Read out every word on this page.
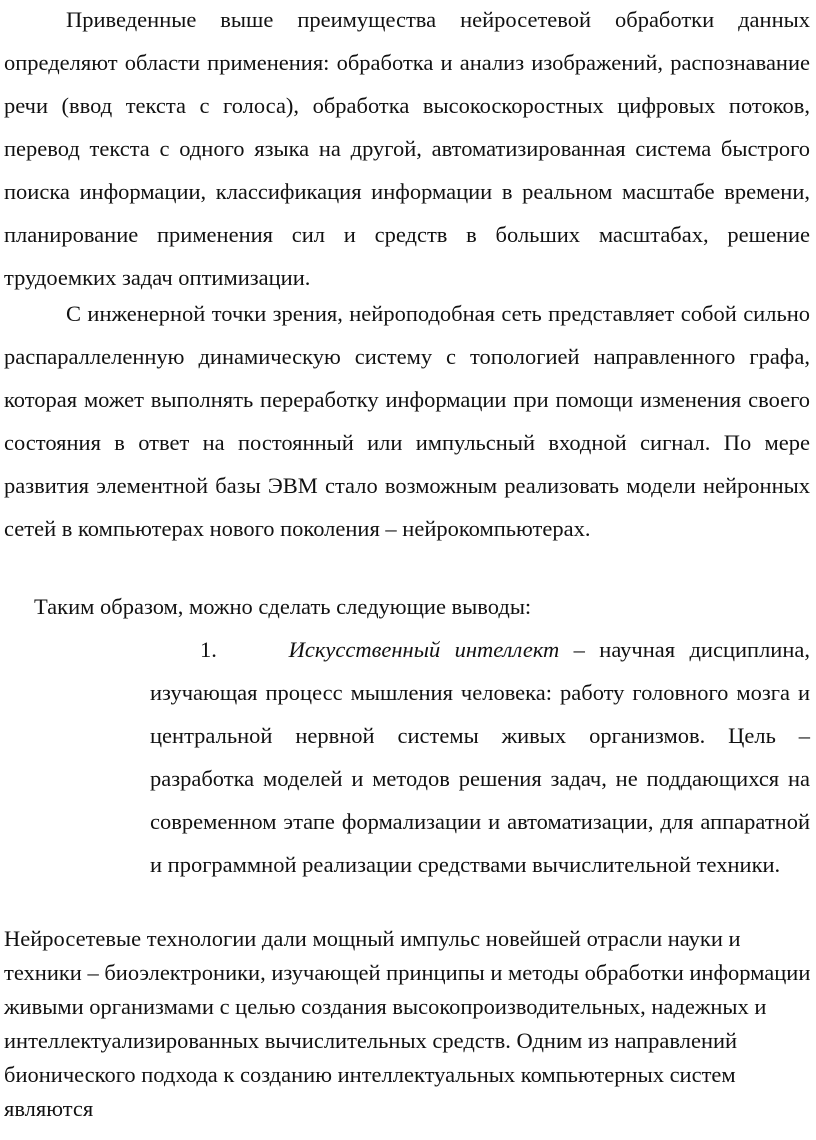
Приведенные выше преимущества нейросетевой обработки данных определяют области применения: обработка и анализ изображений, распознавание речи (ввод текста с голоса), обработка высокоскоростных цифровых потоков, перевод текста с одного языка на другой, автоматизированная система быстрого поиска информации, классификация информации в реальном масштабе времени, планирование применения сил и средств в больших масштабах, решение трудоемких задач оптимизации.

С инженерной точки зрения, нейроподобная сеть представляет собой сильно распараллеленную динамическую систему с топологией направленного графа, которая может выполнять переработку информации при помощи изменения своего состояния в ответ на постоянный или импульсный входной сигнал. По мере развития элементной базы ЭВМ стало возможным реализовать модели нейронных сетей в компьютерах нового поколения – нейрокомпьютерах.

Таким образом, можно сделать следующие выводы:

1.	Искусственный интеллект – научная дисциплина, изучающая процесс мышления человека: работу головного мозга и центральной нервной системы живых организмов. Цель – разработка моделей и методов решения задач, не поддающихся на современном этапе формализации и автоматизации, для аппаратной и программной реализации средствами вычислительной техники.

Нейросетевые технологии дали мощный импульс новейшей отрасли науки и техники – биоэлектроники, изучающей принципы и методы обработки информации живыми организмами с целью создания высокопроизводительных, надежных и интеллектуализированных вычислительных средств. Одним из направлений бионического подхода к созданию интеллектуальных компьютерных систем являются
